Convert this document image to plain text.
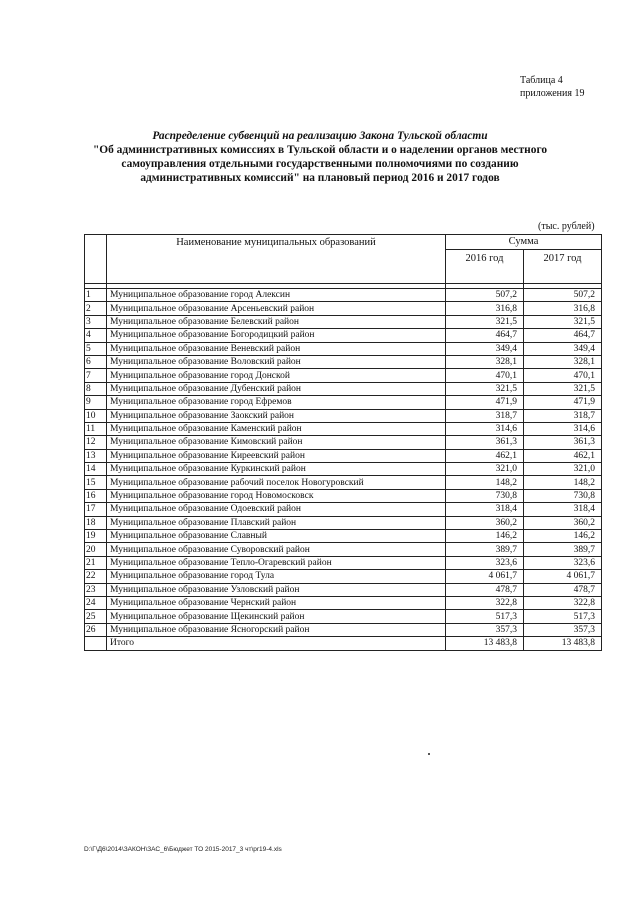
Таблица 4
приложения 19
Распределение субвенций на реализацию Закона Тульской области
"Об административных комиссиях в Тульской области и о наделении органов местного
самоуправления отдельными государственными полномочиями по созданию
административных комиссий" на плановый период 2016 и 2017 годов
(тыс. рублей)
	Наименование муниципальных образований	Сумма	
		2016 год	2017 год

1	Муниципальное образование город Алексин	507,2	507,2
2	Муниципальное образование Арсеньевский район	316,8	316,8
3	Муниципальное образование Белевский район	321,5	321,5
4	Муниципальное образование Богородицкий район	464,7	464,7
5	Муниципальное образование Веневский район	349,4	349,4
6	Муниципальное образование Воловский район	328,1	328,1
7	Муниципальное образование город Донской	470,1	470,1
8	Муниципальное образование Дубенский район	321,5	321,5
9	Муниципальное образование город Ефремов	471,9	471,9
10	Муниципальное образование Заокский район	318,7	318,7
11	Муниципальное образование Каменский район	314,6	314,6
12	Муниципальное образование Кимовский район	361,3	361,3
13	Муниципальное образование Киреевский район	462,1	462,1
14	Муниципальное образование Куркинский район	321,0	321,0
15	Муниципальное образование рабочий поселок Новогуровский	148,2	148,2
16	Муниципальное образование город Новомосковск	730,8	730,8
17	Муниципальное образование Одоевский район	318,4	318,4
18	Муниципальное образование Плавский район	360,2	360,2
19	Муниципальное образование Славный	146,2	146,2
20	Муниципальное образование Суворовский район	389,7	389,7
21	Муниципальное образование Тепло-Огаревский район	323,6	323,6
22	Муниципальное образование город Тула	4 061,7	4 061,7
23	Муниципальное образование Узловский район	478,7	478,7
24	Муниципальное образование Чернский район	322,8	322,8
25	Муниципальное образование Щекинский район	517,3	517,3
26	Муниципальное образование Ясногорский район	357,3	357,3
	Итого	13 483,8	13 483,8
D:\Г\Д6\2014\ЗАКОН\ЗАС_6\Бюджет ТО 2015-2017_3 чт\pr19-4.xls
